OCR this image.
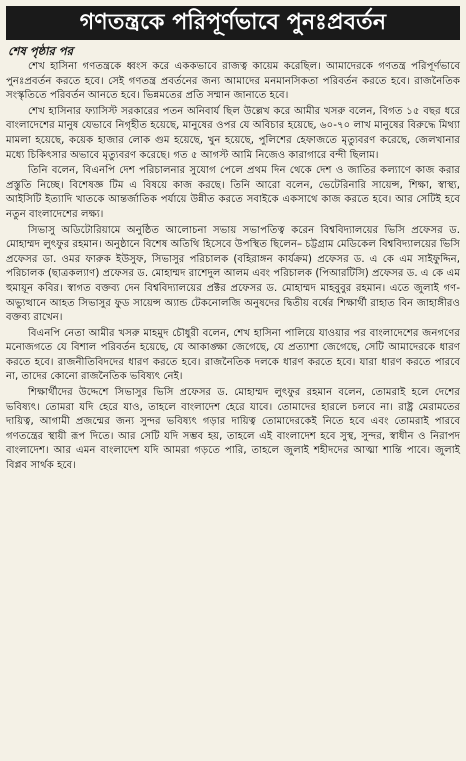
গণতন্ত্রকে পরিপূর্ণভাবে পুনঃপ্রবর্তন
শেষ পৃষ্ঠার পর

শেখ হাসিনা গণতন্ত্রকে ধ্বংস করে এককভাবে রাজত্ব কায়েম করেছিল। আমাদেরকে গণতন্ত্র পরিপূর্ণভাবে পুনঃপ্রবর্তন করতে হবে। সেই গণতন্ত্র প্রবর্তনের জন্য আমাদের মনমানসিকতা পরিবর্তন করতে হবে। রাজনৈতিক সংস্কৃতিতে পরিবর্তন আনতে হবে। ভিন্নমতের প্রতি সম্মান জানাতে হবে।

শেখ হাসিনার ফ্যাসিস্ট সরকারের পতন অনিবার্য ছিল উল্লেখ করে আমীর খসরু বলেন, বিগত ১৫ বছর ধরে বাংলাদেশের মানুষ যেভাবে নিগৃহীত হয়েছে, মানুষের ওপর যে অবিচার হয়েছে, ৬০-৭০ লাখ মানুষের বিরুদ্ধে মিথ্যা মামলা হয়েছে, কয়েক হাজার লোক গুম হয়েছে, খুন হয়েছে, পুলিশের হেফাজতে মৃত্যুবরণ করেছে, জেলখানার মধ্যে চিকিৎসার অভাবে মৃত্যুবরণ করেছে। গত ৫ আগস্ট আমি নিজেও কারাগারে বন্দী ছিলাম।

তিনি বলেন, বিএনপি দেশ পরিচালনার সুযোগ পেলে প্রথম দিন থেকে দেশ ও জাতির কল্যাণে কাজ করার প্রস্তুতি নিচ্ছে। বিশেষজ্ঞ টিম এ বিষয়ে কাজ করছে। তিনি আরো বলেন, ভেটেরিনারি সায়েন্স, শিক্ষা, স্বাস্থ্য, আইসিটি ইত্যাদি খাতকে আন্তর্জাতিক পর্যায়ে উন্নীত করতে সবাইকে একসাথে কাজ করতে হবে। আর সেটিই হবে নতুন বাংলাদেশের লক্ষ্য।

সিভাসু অডিটোরিয়ামে অনুষ্ঠিত আলোচনা সভায় সভাপতিত্ব করেন বিশ্ববিদ্যালয়ের ভিসি প্রফেসর ড. মোহাম্মদ লুৎফুর রহমান। অনুষ্ঠানে বিশেষ অতিথি হিসেবে উপস্থিত ছিলেন– চট্টগ্রাম মেডিকেল বিশ্ববিদ্যালয়ের ভিসি প্রফেসর ডা. ওমর ফারুক ইউসুফ, সিভাসুর পরিচালক (বহিরাঙ্গন কার্যক্রম) প্রফেসর ড. এ কে এম সাইফুদ্দিন, পরিচালক (ছাত্রকল্যাণ) প্রফেসর ড. মোহাম্মদ রাশেদুল আলম এবং পরিচালক (পিআরটিসি) প্রফেসর ড. এ কে এম হুমায়ূন কবির। স্বাগত বক্তব্য দেন বিশ্ববিদ্যালয়ের প্রক্টর প্রফেসর ড. মোহাম্মদ মাহবুবুর রহমান। এতে জুলাই গণ-অভ্যুত্থানে আহত সিভাসুর ফুড সায়েন্স অ্যান্ড টেকনোলজি অনুষদের দ্বিতীয় বর্ষের শিক্ষার্থী রাহাত বিন জাহাঙ্গীরও বক্তব্য রাখেন।

বিএনপি নেতা আমীর খসরু মাহমুদ চৌধুরী বলেন, শেখ হাসিনা পালিয়ে যাওয়ার পর বাংলাদেশের জনগণের মনোজগতে যে বিশাল পরিবর্তন হয়েছে, যে আকাঙ্ক্ষা জেগেছে, যে প্রত্যাশা জেগেছে, সেটি আমাদেরকে ধারণ করতে হবে। রাজনীতিবিদদের ধারণ করতে হবে। রাজনৈতিক দলকে ধারণ করতে হবে। যারা ধারণ করতে পারবে না, তাদের কোনো রাজনৈতিক ভবিষ্যৎ নেই।

শিক্ষার্থীদের উদ্দেশে সিভাসুর ভিসি প্রফেসর ড. মোহাম্মদ লুৎফুর রহমান বলেন, তোমরাই হলে দেশের ভবিষ্যৎ। তোমরা যদি হেরে যাও, তাহলে বাংলাদেশ হেরে যাবে। তোমাদের হারলে চলবে না। রাষ্ট্র মেরামতের দায়িত্ব, আগামী প্রজন্মের জন্য সুন্দর ভবিষ্যৎ গড়ার দায়িত্ব তোমাদেরকেই নিতে হবে এবং তোমরাই পারবে গণতন্ত্রের স্থায়ী রূপ দিতে। আর সেটি যদি সম্ভব হয়, তাহলে এই বাংলাদেশ হবে সুস্থ, সুন্দর, স্বাধীন ও নিরাপদ বাংলাদেশ। আর এমন বাংলাদেশ যদি আমরা গড়তে পারি, তাহলে জুলাই শহীদদের আত্মা শান্তি পাবে। জুলাই বিপ্লব সার্থক হবে।
